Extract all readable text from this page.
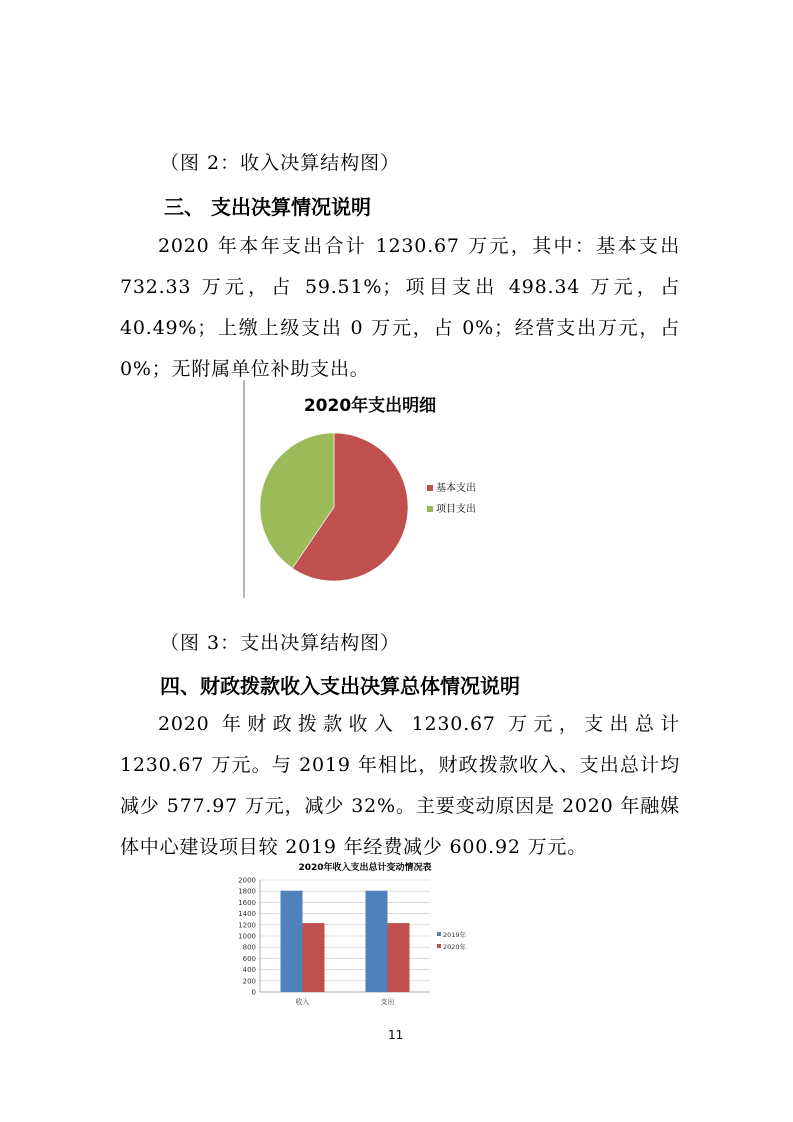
（图 2：收入决算结构图）
三、 支出决算情况说明

2020 年本年支出合计 1230.67 万元，其中：基本支出 732.33 万元，占 59.51%；项目支出 498.34 万元，占 40.49%；上缴上级支出 0 万元，占 0%；经营支出万元，占 0%；无附属单位补助支出。

2020年支出明细
基本支出
项目支出
（图 3：支出决算结构图）
四、财政拨款收入支出决算总体情况说明

2020 年财政拨款收入 1230.67 万元，支出总计 1230.67 万元。与 2019 年相比，财政拨款收入、支出总计均减少 577.97 万元，减少 32%。主要变动原因是 2020 年融媒体中心建设项目较 2019 年经费减少 600.92 万元。

2020年收入支出总计变动情况表
0
200
400
600
800
1000
1200
1400
1600
1800
2000
收入	支出
2019年
2020年
11
